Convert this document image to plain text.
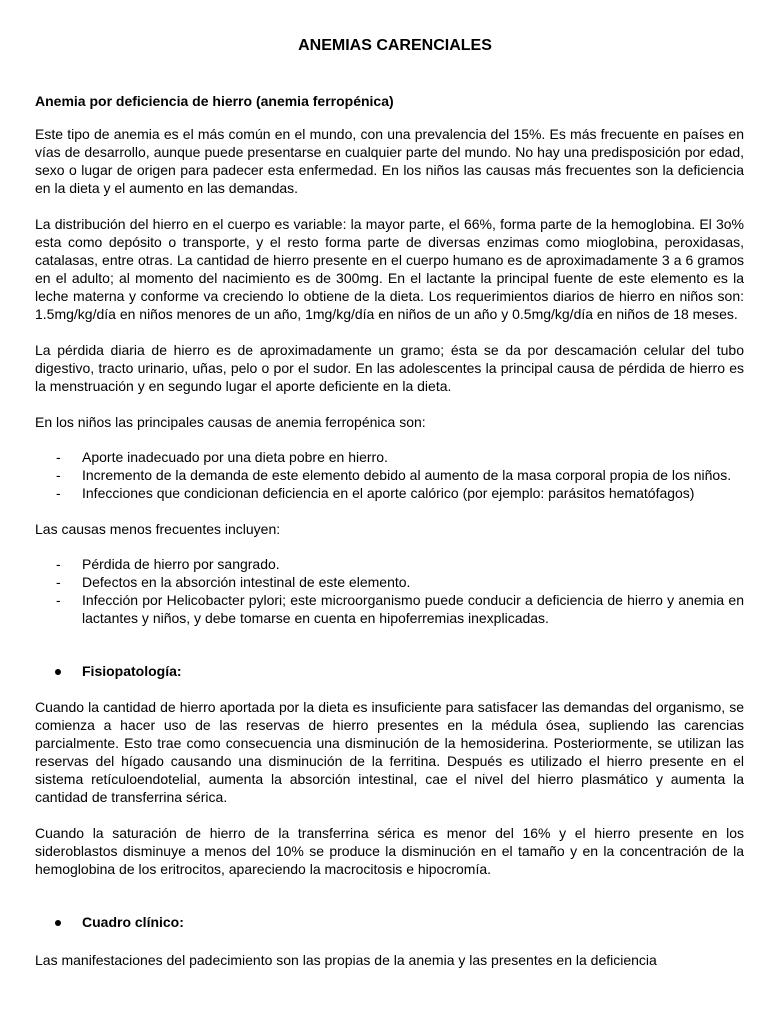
ANEMIAS CARENCIALES
Anemia por deficiencia de hierro (anemia ferropénica)

Este tipo de anemia es el más común en el mundo, con una prevalencia del 15%. Es más frecuente en países en vías de desarrollo, aunque puede presentarse en cualquier parte del mundo. No hay una predisposición por edad, sexo o lugar de origen para padecer esta enfermedad. En los niños las causas más frecuentes son la deficiencia en la dieta y el aumento en las demandas.

La distribución del hierro en el cuerpo es variable: la mayor parte, el 66%, forma parte de la hemoglobina. El 3o% esta como depósito o transporte, y el resto forma parte de diversas enzimas como mioglobina, peroxidasas, catalasas, entre otras. La cantidad de hierro presente en el cuerpo humano es de aproximadamente 3 a 6 gramos en el adulto; al momento del nacimiento es de 300mg. En el lactante la principal fuente de este elemento es la leche materna y conforme va creciendo lo obtiene de la dieta. Los requerimientos diarios de hierro en niños son: 1.5mg/kg/día en niños menores de un año, 1mg/kg/día en niños de un año y 0.5mg/kg/día en niños de 18 meses.

La pérdida diaria de hierro es de aproximadamente un gramo; ésta se da por descamación celular del tubo digestivo, tracto urinario, uñas, pelo o por el sudor. En las adolescentes la principal causa de pérdida de hierro es la menstruación y en segundo lugar el aporte deficiente en la dieta.

En los niños las principales causas de anemia ferropénica son:

- Aporte inadecuado por una dieta pobre en hierro.
- Incremento de la demanda de este elemento debido al aumento de la masa corporal propia de los niños.
- Infecciones que condicionan deficiencia en el aporte calórico (por ejemplo: parásitos hematófagos)

Las causas menos frecuentes incluyen:

- Pérdida de hierro por sangrado.
- Defectos en la absorción intestinal de este elemento.
- Infección por Helicobacter pylori; este microorganismo puede conducir a deficiencia de hierro y anemia en lactantes y niños, y debe tomarse en cuenta en hipoferremias inexplicadas.
Fisiopatología:

Cuando la cantidad de hierro aportada por la dieta es insuficiente para satisfacer las demandas del organismo, se comienza a hacer uso de las reservas de hierro presentes en la médula ósea, supliendo las carencias parcialmente. Esto trae como consecuencia una disminución de la hemosiderina. Posteriormente, se utilizan las reservas del hígado causando una disminución de la ferritina. Después es utilizado el hierro presente en el sistema retículoendotelial, aumenta la absorción intestinal, cae el nivel del hierro plasmático y aumenta la cantidad de transferrina sérica.

Cuando la saturación de hierro de la transferrina sérica es menor del 16% y el hierro presente en los sideroblastos disminuye a menos del 10% se produce la disminución en el tamaño y en la concentración de la hemoglobina de los eritrocitos, apareciendo la macrocitosis e hipocromía.

Cuadro clínico:

Las manifestaciones del padecimiento son las propias de la anemia y las presentes en la deficiencia
